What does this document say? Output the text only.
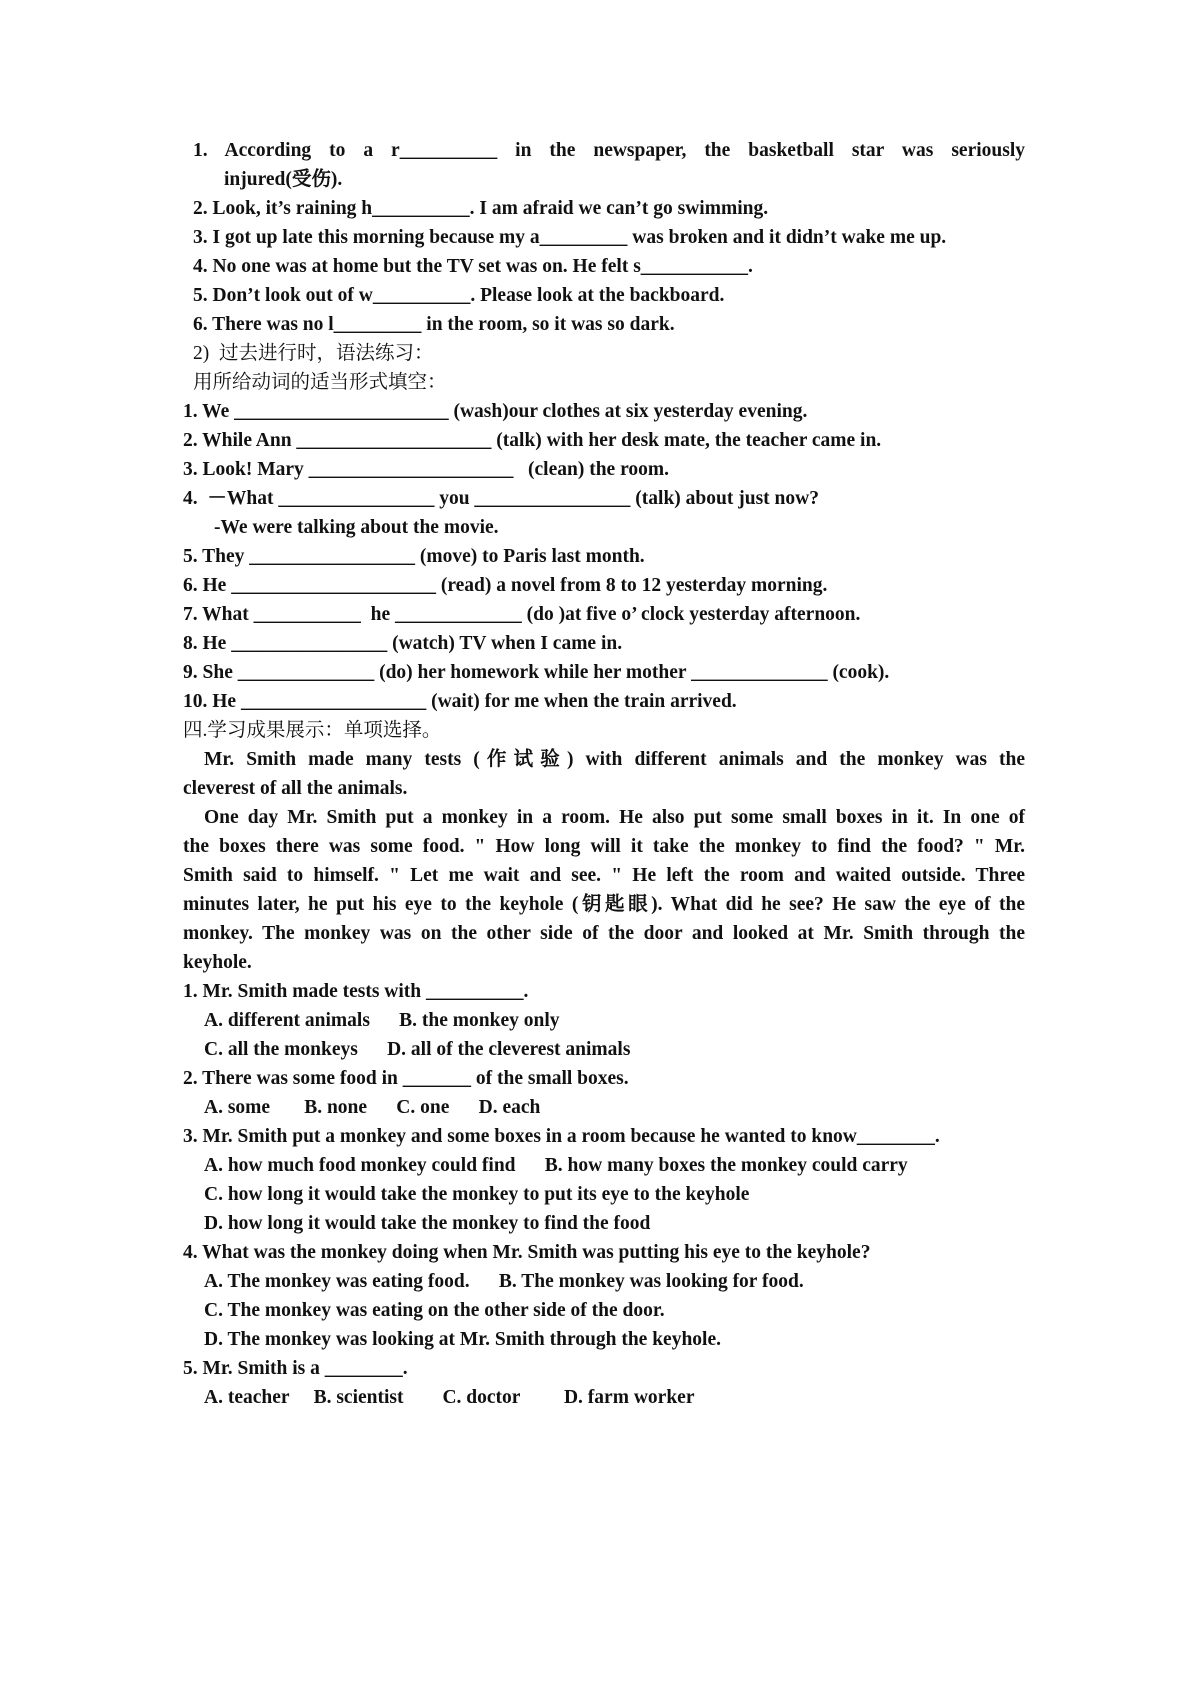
1. According to a r__________ in the newspaper, the basketball star was seriously
injured(受伤).
2. Look, it’s raining h__________. I am afraid we can’t go swimming.
3. I got up late this morning because my a_________ was broken and it didn’t wake me up.
4. No one was at home but the TV set was on. He felt s___________.
5. Don’t look out of w__________. Please look at the backboard.
6. There was no l_________ in the room, so it was so dark.
2)  过去进行时，语法练习：
用所给动词的适当形式填空：
1. We ______________________ (wash)our clothes at six yesterday evening.
2. While Ann ____________________ (talk) with her desk mate, the teacher came in.
3. Look! Mary _____________________   (clean) the room.
4.  －What ________________ you ________________ (talk) about just now?
-We were talking about the movie.
5. They _________________ (move) to Paris last month.
6. He _____________________ (read) a novel from 8 to 12 yesterday morning.
7. What ___________  he _____________ (do )at five o’ clock yesterday afternoon.
8. He ________________ (watch) TV when I came in.
9. She ______________ (do) her homework while her mother ______________ (cook).
10. He ___________________ (wait) for me when the train arrived.
四.学习成果展示：单项选择。
Mr. Smith made many tests (作试验) with different animals and the monkey was the
cleverest of all the animals.
One day Mr. Smith put a monkey in a room. He also put some small boxes in it. In one of
the boxes there was some food. " How long will it take the monkey to find the food? " Mr.
Smith said to himself. " Let me wait and see. " He left the room and waited outside. Three
minutes later, he put his eye to the keyhole (钥匙眼). What did he see? He saw the eye of the
monkey. The monkey was on the other side of the door and looked at Mr. Smith through the
keyhole.
1. Mr. Smith made tests with __________.
A. different animals      B. the monkey only
C. all the monkeys      D. all of the cleverest animals
2. There was some food in _______ of the small boxes.
A. some       B. none      C. one      D. each
3. Mr. Smith put a monkey and some boxes in a room because he wanted to know________.
A. how much food monkey could find      B. how many boxes the monkey could carry
C. how long it would take the monkey to put its eye to the keyhole
D. how long it would take the monkey to find the food
4. What was the monkey doing when Mr. Smith was putting his eye to the keyhole?
A. The monkey was eating food.      B. The monkey was looking for food.
C. The monkey was eating on the other side of the door.
D. The monkey was looking at Mr. Smith through the keyhole.
5. Mr. Smith is a ________.
A. teacher     B. scientist        C. doctor         D. farm worker
